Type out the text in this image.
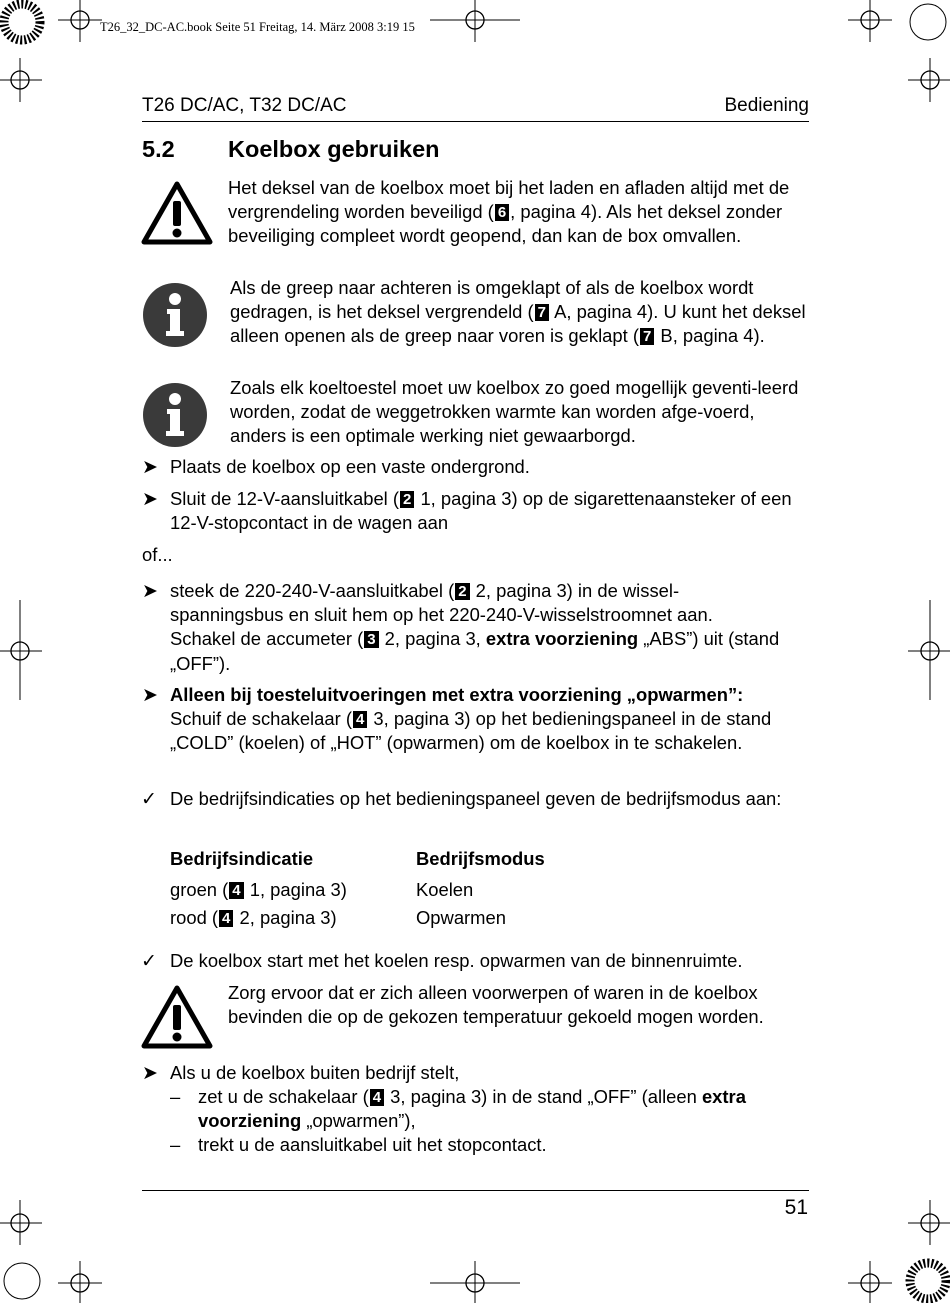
T26_32_DC-AC.book Seite 51 Freitag, 14. März 2008 3:19 15
T26 DC/AC, T32 DC/AC	Bediening
5.2 Koelbox gebruiken
Het deksel van de koelbox moet bij het laden en afladen altijd met de vergrendeling worden beveiligd ( 6 , pagina 4). Als het deksel zonder beveiliging compleet wordt geopend, dan kan de box omvallen.
Als de greep naar achteren is omgeklapt of als de koelbox wordt gedragen, is het deksel vergrendeld ( 7 A, pagina 4). U kunt het deksel alleen openen als de greep naar voren is geklapt ( 7 B, pagina 4).
Zoals elk koeltoestel moet uw koelbox zo goed mogellijk geventi-leerd worden, zodat de weggetrokken warmte kan worden afge-voerd, anders is een optimale werking niet gewaarborgd.
➤ Plaats de koelbox op een vaste ondergrond.
➤ Sluit de 12-V-aansluitkabel ( 2 1, pagina 3) op de sigarettenaansteker of een 12-V-stopcontact in de wagen aan
of...
➤ steek de 220-240-V-aansluitkabel ( 2 2, pagina 3) in de wissel-spanningsbus en sluit hem op het 220-240-V-wisselstroomnet aan. Schakel de accumeter ( 3 2, pagina 3, extra voorziening „ABS”) uit (stand „OFF”).
➤ Alleen bij toesteluitvoeringen met extra voorziening „opwarmen”:
Schuif de schakelaar ( 4 3, pagina 3) op het bedieningspaneel in de stand „COLD” (koelen) of „HOT” (opwarmen) om de koelbox in te schakelen.
✓ De bedrijfsindicaties op het bedieningspaneel geven de bedrijfsmodus aan:
Bedrijfsindicatie	Bedrijfsmodus
groen ( 4 1, pagina 3)	Koelen
rood ( 4 2, pagina 3)	Opwarmen
✓ De koelbox start met het koelen resp. opwarmen van de binnenruimte.
Zorg ervoor dat er zich alleen voorwerpen of waren in de koelbox bevinden die op de gekozen temperatuur gekoeld mogen worden.
➤ Als u de koelbox buiten bedrijf stelt,
– zet u de schakelaar ( 4 3, pagina 3) in de stand „OFF” (alleen extra voorziening „opwarmen”),
– trekt u de aansluitkabel uit het stopcontact.
51
